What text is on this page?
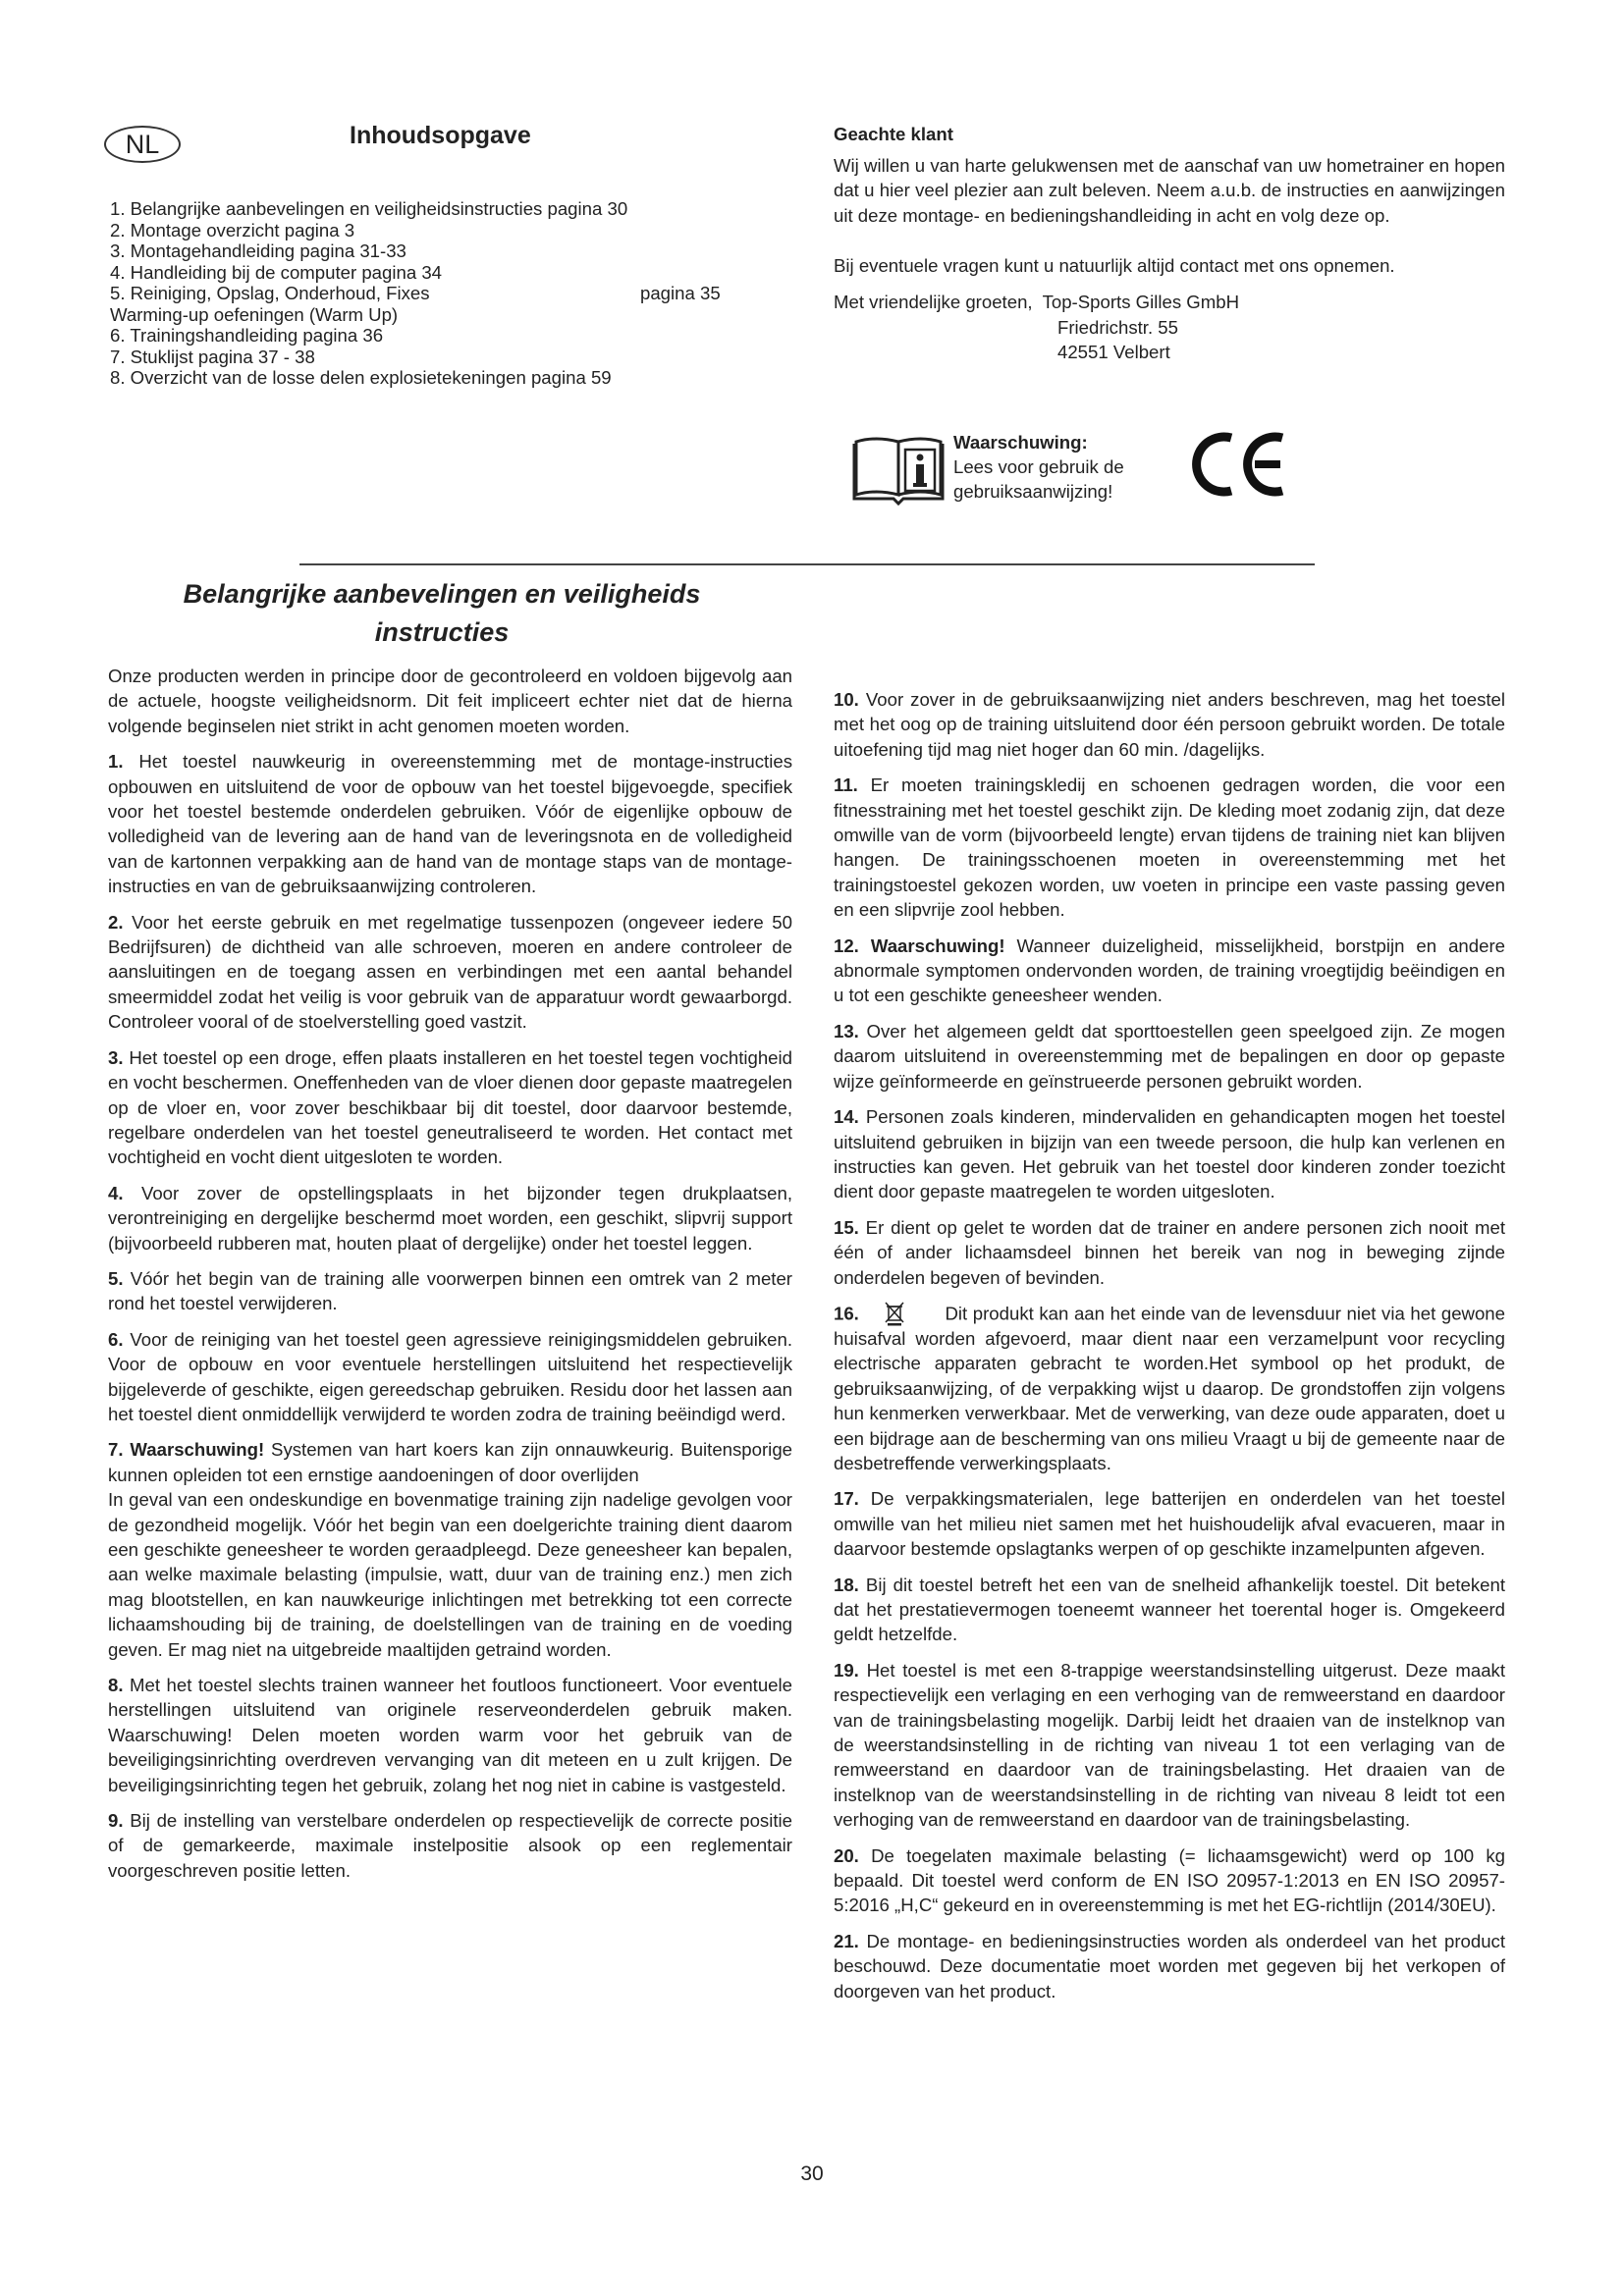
NL	Inhoudsopgave
1. Belangrijke aanbevelingen en veiligheidsinstructies pagina 30
2. Montage overzicht pagina 3
3. Montagehandleiding pagina 31-33
4. Handleiding bij de computer pagina 34
5. Reiniging, Opslag, Onderhoud, Fixes	pagina 35
Warming-up oefeningen (Warm Up)
6. Trainingshandleiding pagina 36
7. Stuklijst pagina 37 - 38
8. Overzicht van de losse delen explosietekeningen pagina 59
Geachte klant

Wij willen u van harte gelukwensen met de aanschaf van uw hometrainer en hopen dat u hier veel plezier aan zult beleven. Neem a.u.b. de instructies en aanwijzingen uit deze montage- en bedieningshandleiding in acht en volg deze op.

Bij eventuele vragen kunt u natuurlijk altijd contact met ons opnemen.

Met vriendelijke groeten, Top-Sports Gilles GmbH
Friedrichstr. 55
42551 Velbert
Waarschuwing:
Lees voor gebruik de
gebruiksaanwijzing!
Belangrijke aanbevelingen en veiligheids
instructies

Onze producten werden in principe door de gecontroleerd en voldoen bijgevolg aan de actuele, hoogste veiligheidsnorm. Dit feit impliceert echter niet dat de hierna volgende beginselen niet strikt in acht genomen moeten worden.

1. Het toestel nauwkeurig in overeenstemming met de montage-instructies opbouwen en uitsluitend de voor de opbouw van het toestel bijgevoegde, specifiek voor het toestel bestemde onderdelen gebruiken. Vóór de eigenlijke opbouw de volledigheid van de levering aan de hand van de leveringsnota en de volledigheid van de kartonnen verpakking aan de hand van de montage staps van de montage-instructies en van de gebruiksaanwijzing controleren.

2. Voor het eerste gebruik en met regelmatige tussenpozen (ongeveer iedere 50 Bedrijfsuren) de dichtheid van alle schroeven, moeren en andere controleer de aansluitingen en de toegang assen en verbindingen met een aantal behandel smeermiddel zodat het veilig is voor gebruik van de apparatuur wordt gewaarborgd. Controleer vooral of de stoelverstelling goed vastzit.

3. Het toestel op een droge, effen plaats installeren en het toestel tegen vochtigheid en vocht beschermen. Oneffenheden van de vloer dienen door gepaste maatregelen op de vloer en, voor zover beschikbaar bij dit toestel, door daarvoor bestemde, regelbare onderdelen van het toestel geneutraliseerd te worden. Het contact met vochtigheid en vocht dient uitgesloten te worden.

4. Voor zover de opstellingsplaats in het bijzonder tegen drukplaatsen, verontreiniging en dergelijke beschermd moet worden, een geschikt, slipvrij support (bijvoorbeeld rubberen mat, houten plaat of dergelijke) onder het toestel leggen.

5. Vóór het begin van de training alle voorwerpen binnen een omtrek van 2 meter rond het toestel verwijderen.

6. Voor de reiniging van het toestel geen agressieve reinigingsmiddelen gebruiken. Voor de opbouw en voor eventuele herstellingen uitsluitend het respectievelijk bijgeleverde of geschikte, eigen gereedschap gebruiken. Residu door het lassen aan het toestel dient onmiddellijk verwijderd te worden zodra de training beëindigd werd.

7. Waarschuwing! Systemen van hart koers kan zijn onnauwkeurig. Buitensporige kunnen opleiden tot een ernstige aandoeningen of door overlijden
In geval van een ondeskundige en bovenmatige training zijn nadelige gevolgen voor de gezondheid mogelijk. Vóór het begin van een doelgerichte training dient daarom een geschikte geneesheer te worden geraadpleegd. Deze geneesheer kan bepalen, aan welke maximale belasting (impulsie, watt, duur van de training enz.) men zich mag blootstellen, en kan nauwkeurige inlichtingen met betrekking tot een correcte lichaamshouding bij de training, de doelstellingen van de training en de voeding geven. Er mag niet na uitgebreide maaltijden getraind worden.

8. Met het toestel slechts trainen wanneer het foutloos functioneert. Voor eventuele herstellingen uitsluitend van originele reserveonderdelen gebruik maken. Waarschuwing! Delen moeten worden warm voor het gebruik van de beveiligingsinrichting overdreven vervanging van dit meteen en u zult krijgen. De beveiligingsinrichting tegen het gebruik, zolang het nog niet in cabine is vastgesteld.

9. Bij de instelling van verstelbare onderdelen op respectievelijk de correcte positie of de gemarkeerde, maximale instelpositie alsook op een reglementair voorgeschreven positie letten.

10. Voor zover in de gebruiksaanwijzing niet anders beschreven, mag het toestel met het oog op de training uitsluitend door één persoon gebruikt worden. De totale uitoefening tijd mag niet hoger dan 60 min. /dagelijks.

11. Er moeten trainingskledij en schoenen gedragen worden, die voor een fitnesstraining met het toestel geschikt zijn. De kleding moet zodanig zijn, dat deze omwille van de vorm (bijvoorbeeld lengte) ervan tijdens de training niet kan blijven hangen. De trainingsschoenen moeten in overeenstemming met het trainingstoestel gekozen worden, uw voeten in principe een vaste passing geven en een slipvrije zool hebben.

12. Waarschuwing! Wanneer duizeligheid, misselijkheid, borstpijn en andere abnormale symptomen ondervonden worden, de training vroegtijdig beëindigen en u tot een geschikte geneesheer wenden.

13. Over het algemeen geldt dat sporttoestellen geen speelgoed zijn. Ze mogen daarom uitsluitend in overeenstemming met de bepalingen en door op gepaste wijze geïnformeerde en geïnstrueerde personen gebruikt worden.

14. Personen zoals kinderen, mindervaliden en gehandicapten mogen het toestel uitsluitend gebruiken in bijzijn van een tweede persoon, die hulp kan verlenen en instructies kan geven. Het gebruik van het toestel door kinderen zonder toezicht dient door gepaste maatregelen te worden uitgesloten.

15. Er dient op gelet te worden dat de trainer en andere personen zich nooit met één of ander lichaamsdeel binnen het bereik van nog in beweging zijnde onderdelen begeven of bevinden.

16.	Dit produkt kan aan het einde van de levensduur niet via het gewone huisafval worden afgevoerd, maar dient naar een verzamelpunt voor recycling electrische apparaten gebracht te worden.Het symbool op het produkt, de gebruiksaanwijzing, of de verpakking wijst u daarop. De grondstoffen zijn volgens hun kenmerken verwerkbaar. Met de verwerking, van deze oude apparaten, doet u een bijdrage aan de bescherming van ons milieu Vraagt u bij de gemeente naar de desbetreffende verwerkingsplaats.

17. De verpakkingsmaterialen, lege batterijen en onderdelen van het toestel omwille van het milieu niet samen met het huishoudelijk afval evacueren, maar in daarvoor bestemde opslagtanks werpen of op geschikte inzamelpunten afgeven.

18. Bij dit toestel betreft het een van de snelheid afhankelijk toestel. Dit betekent dat het prestatievermogen toeneemt wanneer het toerental hoger is. Omgekeerd geldt hetzelfde.

19. Het toestel is met een 8-trappige weerstandsinstelling uitgerust. Deze maakt respectievelijk een verlaging en een verhoging van de remweerstand en daardoor van de trainingsbelasting mogelijk. Darbij leidt het draaien van de instelknop van de weerstandsinstelling in de richting van niveau 1 tot een verlaging van de remweerstand en daardoor van de trainingsbelasting. Het draaien van de instelknop van de weerstandsinstelling in de richting van niveau 8 leidt tot een verhoging van de remweerstand en daardoor van de trainingsbelasting.

20. De toegelaten maximale belasting (= lichaamsgewicht) werd op 100 kg bepaald. Dit toestel werd conform de EN ISO 20957-1:2013 en EN ISO 20957-5:2016 „H,C“ gekeurd en in overeenstemming is met het EG-richtlijn (2014/30EU).

21. De montage- en bedieningsinstructies worden als onderdeel van het product beschouwd. Deze documentatie moet worden met gegeven bij het verkopen of doorgeven van het product.

30
